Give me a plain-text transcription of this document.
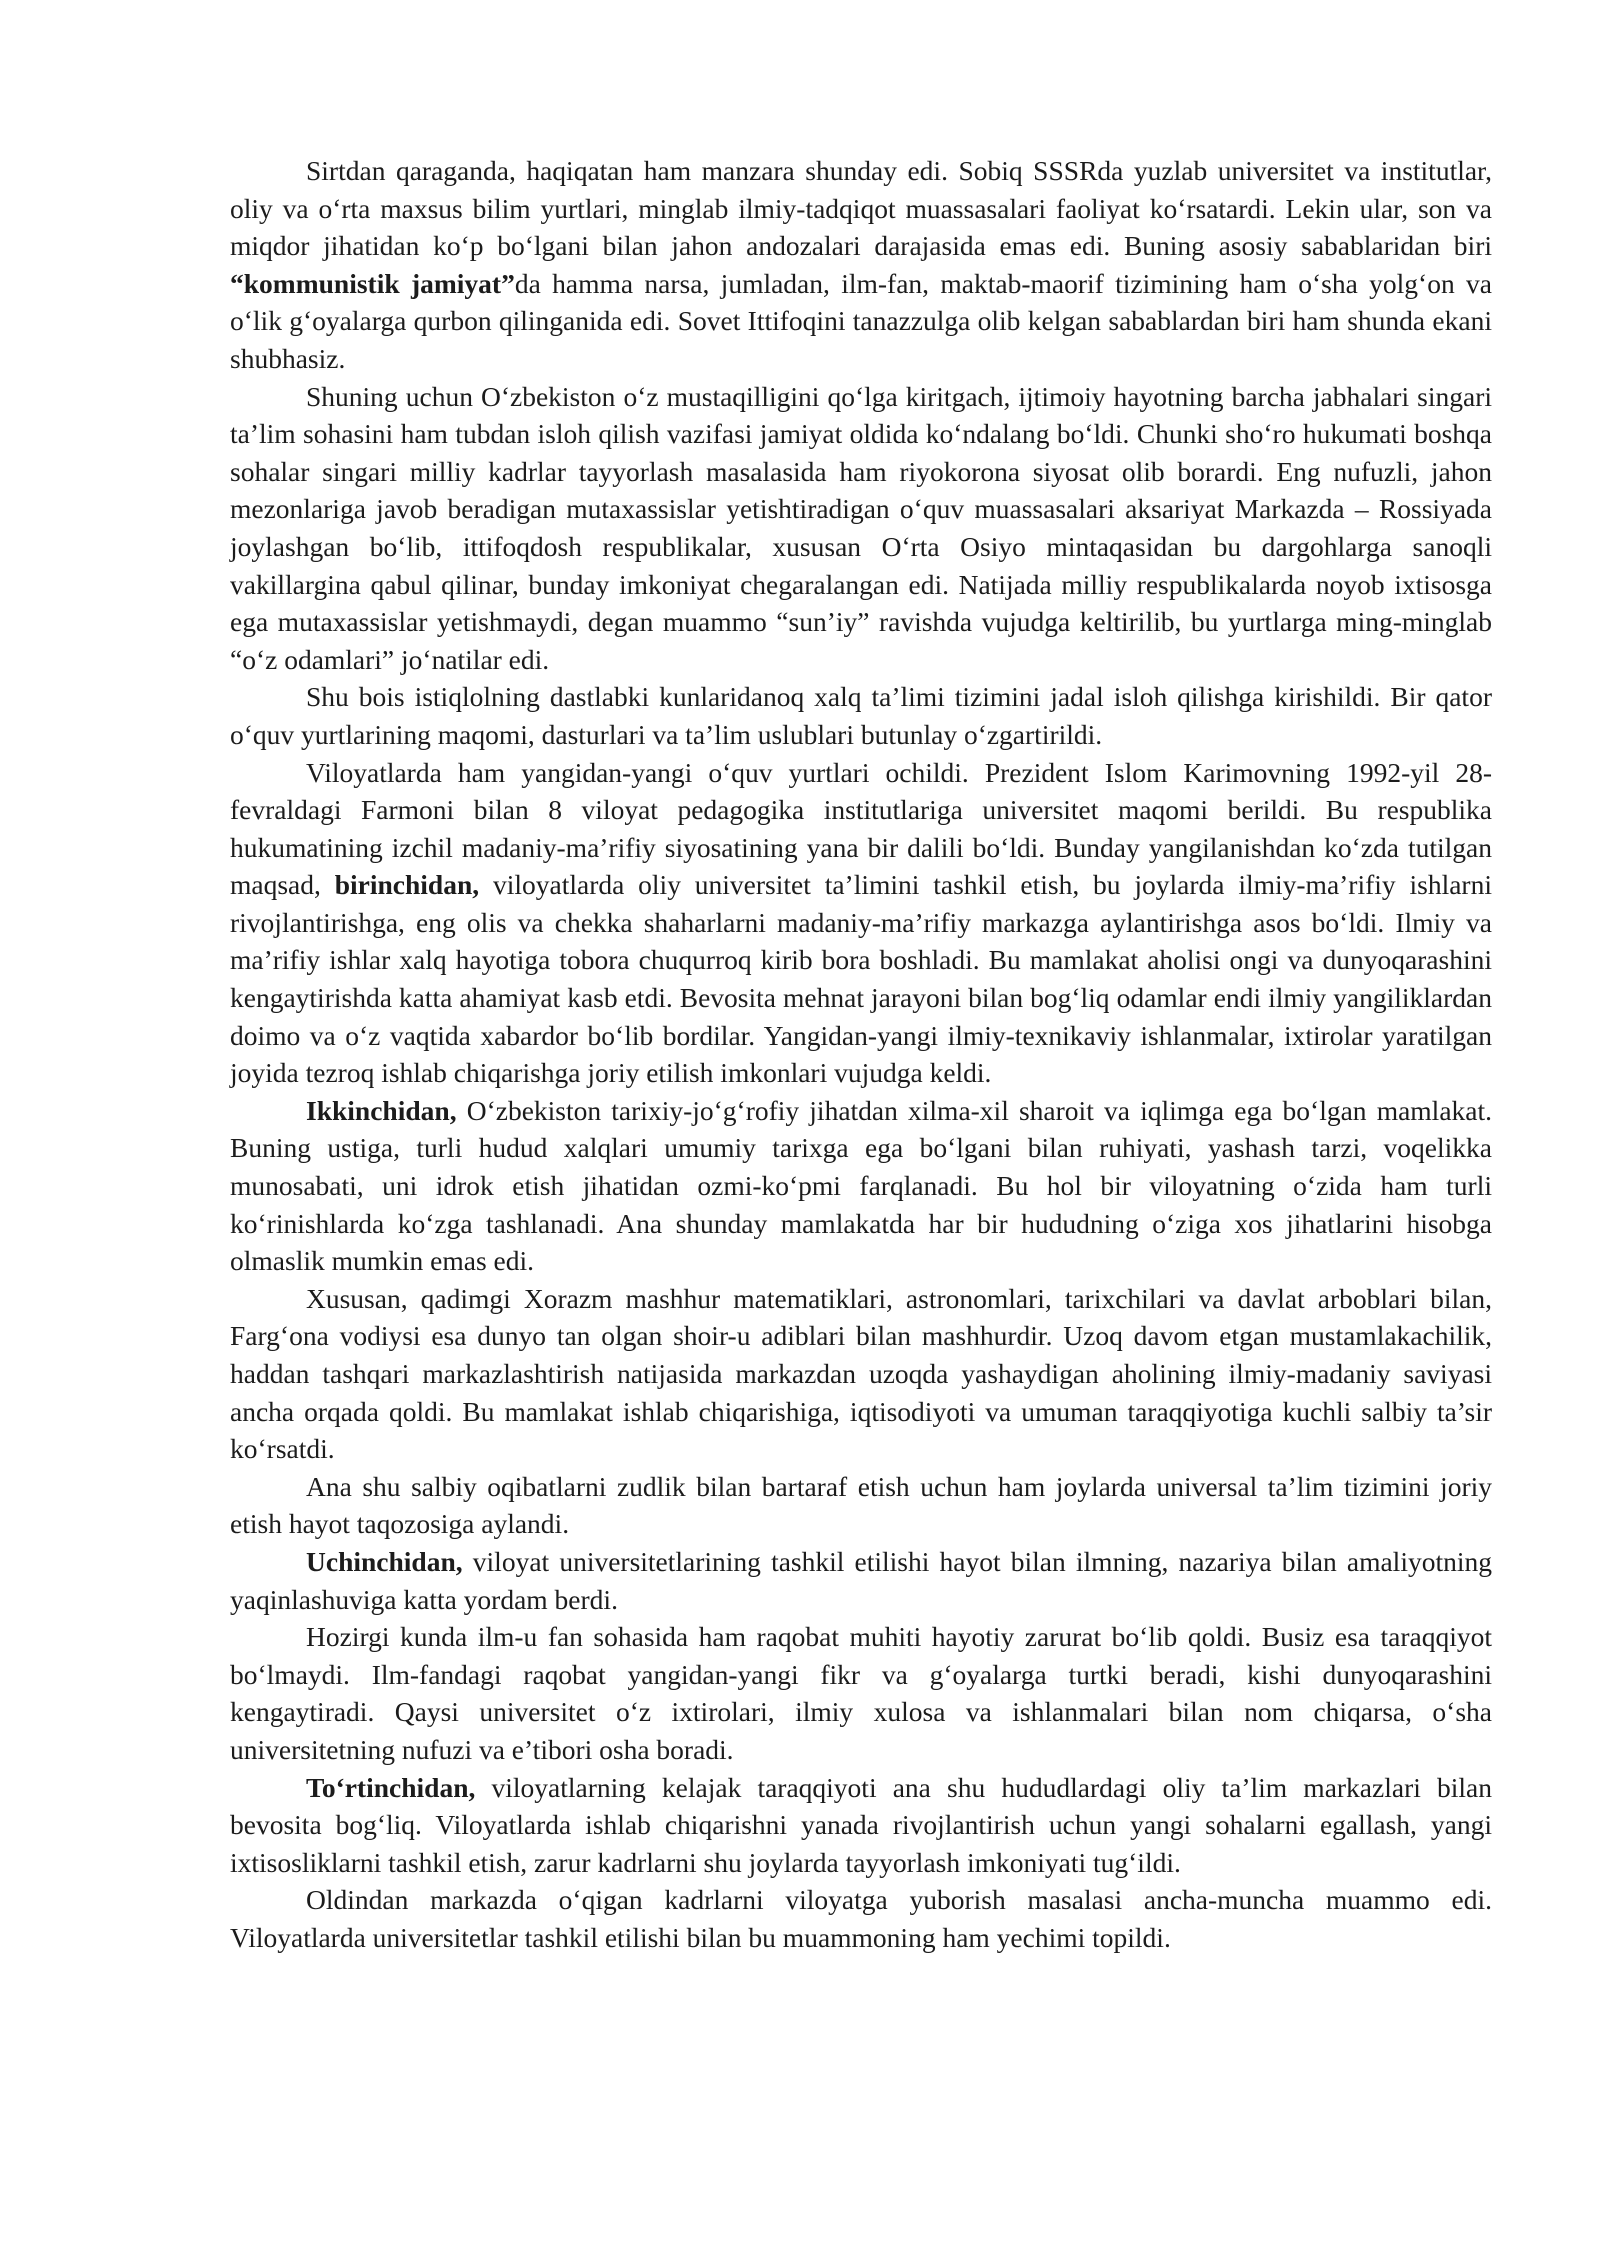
Sirtdan qaraganda, haqiqatan ham manzara shunday edi. Sobiq SSSRda yuzlab universitet va institutlar, oliy va o‘rta maxsus bilim yurtlari, minglab ilmiy-tadqiqot muassasalari faoliyat ko‘rsatardi. Lekin ular, son va miqdor jihatidan ko‘p bo‘lgani bilan jahon andozalari darajasida emas edi. Buning asosiy sabablaridan biri “kommunistik jamiyat”da hamma narsa, jumladan, ilm-fan, maktab-maorif tizimining ham o‘sha yolg‘on va o‘lik g‘oyalarga qurbon qilinganida edi. Sovet Ittifoqini tanazzulga olib kelgan sabablardan biri ham shunda ekani shubhasiz.

Shuning uchun O‘zbekiston o‘z mustaqilligini qo‘lga kiritgach, ijtimoiy hayotning barcha jabhalari singari ta’lim sohasini ham tubdan isloh qilish vazifasi jamiyat oldida ko‘ndalang bo‘ldi. Chunki sho‘ro hukumati boshqa sohalar singari milliy kadrlar tayyorlash masalasida ham riyokorona siyosat olib borardi. Eng nufuzli, jahon mezonlariga javob beradigan mutaxassislar yetishtiradigan o‘quv muassasalari aksariyat Markazda – Rossiyada joylashgan bo‘lib, ittifoqdosh respublikalar, xususan O‘rta Osiyo mintaqasidan bu dargohlarga sanoqli vakillargina qabul qilinar, bunday imkoniyat chegaralangan edi. Natijada milliy respublikalarda noyob ixtisosga ega mutaxassislar yetishmaydi, degan muammo “sun’iy” ravishda vujudga keltirilib, bu yurtlarga ming-minglab “o‘z odamlari” jo‘natilar edi.

Shu bois istiqlolning dastlabki kunlaridanoq xalq ta’limi tizimini jadal isloh qilishga kirishildi. Bir qator o‘quv yurtlarining maqomi, dasturlari va ta’lim uslublari butunlay o‘zgartirildi.

Viloyatlarda ham yangidan-yangi o‘quv yurtlari ochildi. Prezident Islom Karimovning 1992-yil 28-fevraldagi Farmoni bilan 8 viloyat pedagogika institutlariga universitet maqomi berildi. Bu respublika hukumatining izchil madaniy-ma’rifiy siyosatining yana bir dalili bo‘ldi. Bunday yangilanishdan ko‘zda tutilgan maqsad, birinchidan, viloyatlarda oliy universitet ta’limini tashkil etish, bu joylarda ilmiy-ma’rifiy ishlarni rivojlantirishga, eng olis va chekka shaharlarni madaniy-ma’rifiy markazga aylantirishga asos bo‘ldi. Ilmiy va ma’rifiy ishlar xalq hayotiga tobora chuqurroq kirib bora boshladi. Bu mamlakat aholisi ongi va dunyoqarashini kengaytirishda katta ahamiyat kasb etdi. Bevosita mehnat jarayoni bilan bog‘liq odamlar endi ilmiy yangiliklardan doimo va o‘z vaqtida xabardor bo‘lib bordilar. Yangidan-yangi ilmiy-texnikaviy ishlanmalar, ixtirolar yaratilgan joyida tezroq ishlab chiqarishga joriy etilish imkonlari vujudga keldi.

Ikkinchidan, O‘zbekiston tarixiy-jo‘g‘rofiy jihatdan xilma-xil sharoit va iqlimga ega bo‘lgan mamlakat. Buning ustiga, turli hudud xalqlari umumiy tarixga ega bo‘lgani bilan ruhiyati, yashash tarzi, voqelikka munosabati, uni idrok etish jihatidan ozmi-ko‘pmi farqlanadi. Bu hol bir viloyatning o‘zida ham turli ko‘rinishlarda ko‘zga tashlanadi. Ana shunday mamlakatda har bir hududning o‘ziga xos jihatlarini hisobga olmaslik mumkin emas edi.

Xususan, qadimgi Xorazm mashhur matematiklari, astronomlari, tarixchilari va davlat arboblari bilan, Farg‘ona vodiysi esa dunyo tan olgan shoir-u adiblari bilan mashhurdir. Uzoq davom etgan mustamlakachilik, haddan tashqari markazlashtirish natijasida markazdan uzoqda yashaydigan aholining ilmiy-madaniy saviyasi ancha orqada qoldi. Bu mamlakat ishlab chiqarishiga, iqtisodiyoti va umuman taraqqiyotiga kuchli salbiy ta’sir ko‘rsatdi.

Ana shu salbiy oqibatlarni zudlik bilan bartaraf etish uchun ham joylarda universal ta’lim tizimini joriy etish hayot taqozosiga aylandi.

Uchinchidan, viloyat universitetlarining tashkil etilishi hayot bilan ilmning, nazariya bilan amaliyotning yaqinlashuviga katta yordam berdi.

Hozirgi kunda ilm-u fan sohasida ham raqobat muhiti hayotiy zarurat bo‘lib qoldi. Busiz esa taraqqiyot bo‘lmaydi. Ilm-fandagi raqobat yangidan-yangi fikr va g‘oyalarga turtki beradi, kishi dunyoqarashini kengaytiradi. Qaysi universitet o‘z ixtirolari, ilmiy xulosa va ishlanmalari bilan nom chiqarsa, o‘sha universitetning nufuzi va e’tibori osha boradi.

To‘rtinchidan, viloyatlarning kelajak taraqqiyoti ana shu hududlardagi oliy ta’lim markazlari bilan bevosita bog‘liq. Viloyatlarda ishlab chiqarishni yanada rivojlantirish uchun yangi sohalarni egallash, yangi ixtisosliklarni tashkil etish, zarur kadrlarni shu joylarda tayyorlash imkoniyati tug‘ildi.

Oldindan markazda o‘qigan kadrlarni viloyatga yuborish masalasi ancha-muncha muammo edi. Viloyatlarda universitetlar tashkil etilishi bilan bu muammoning ham yechimi topildi.
